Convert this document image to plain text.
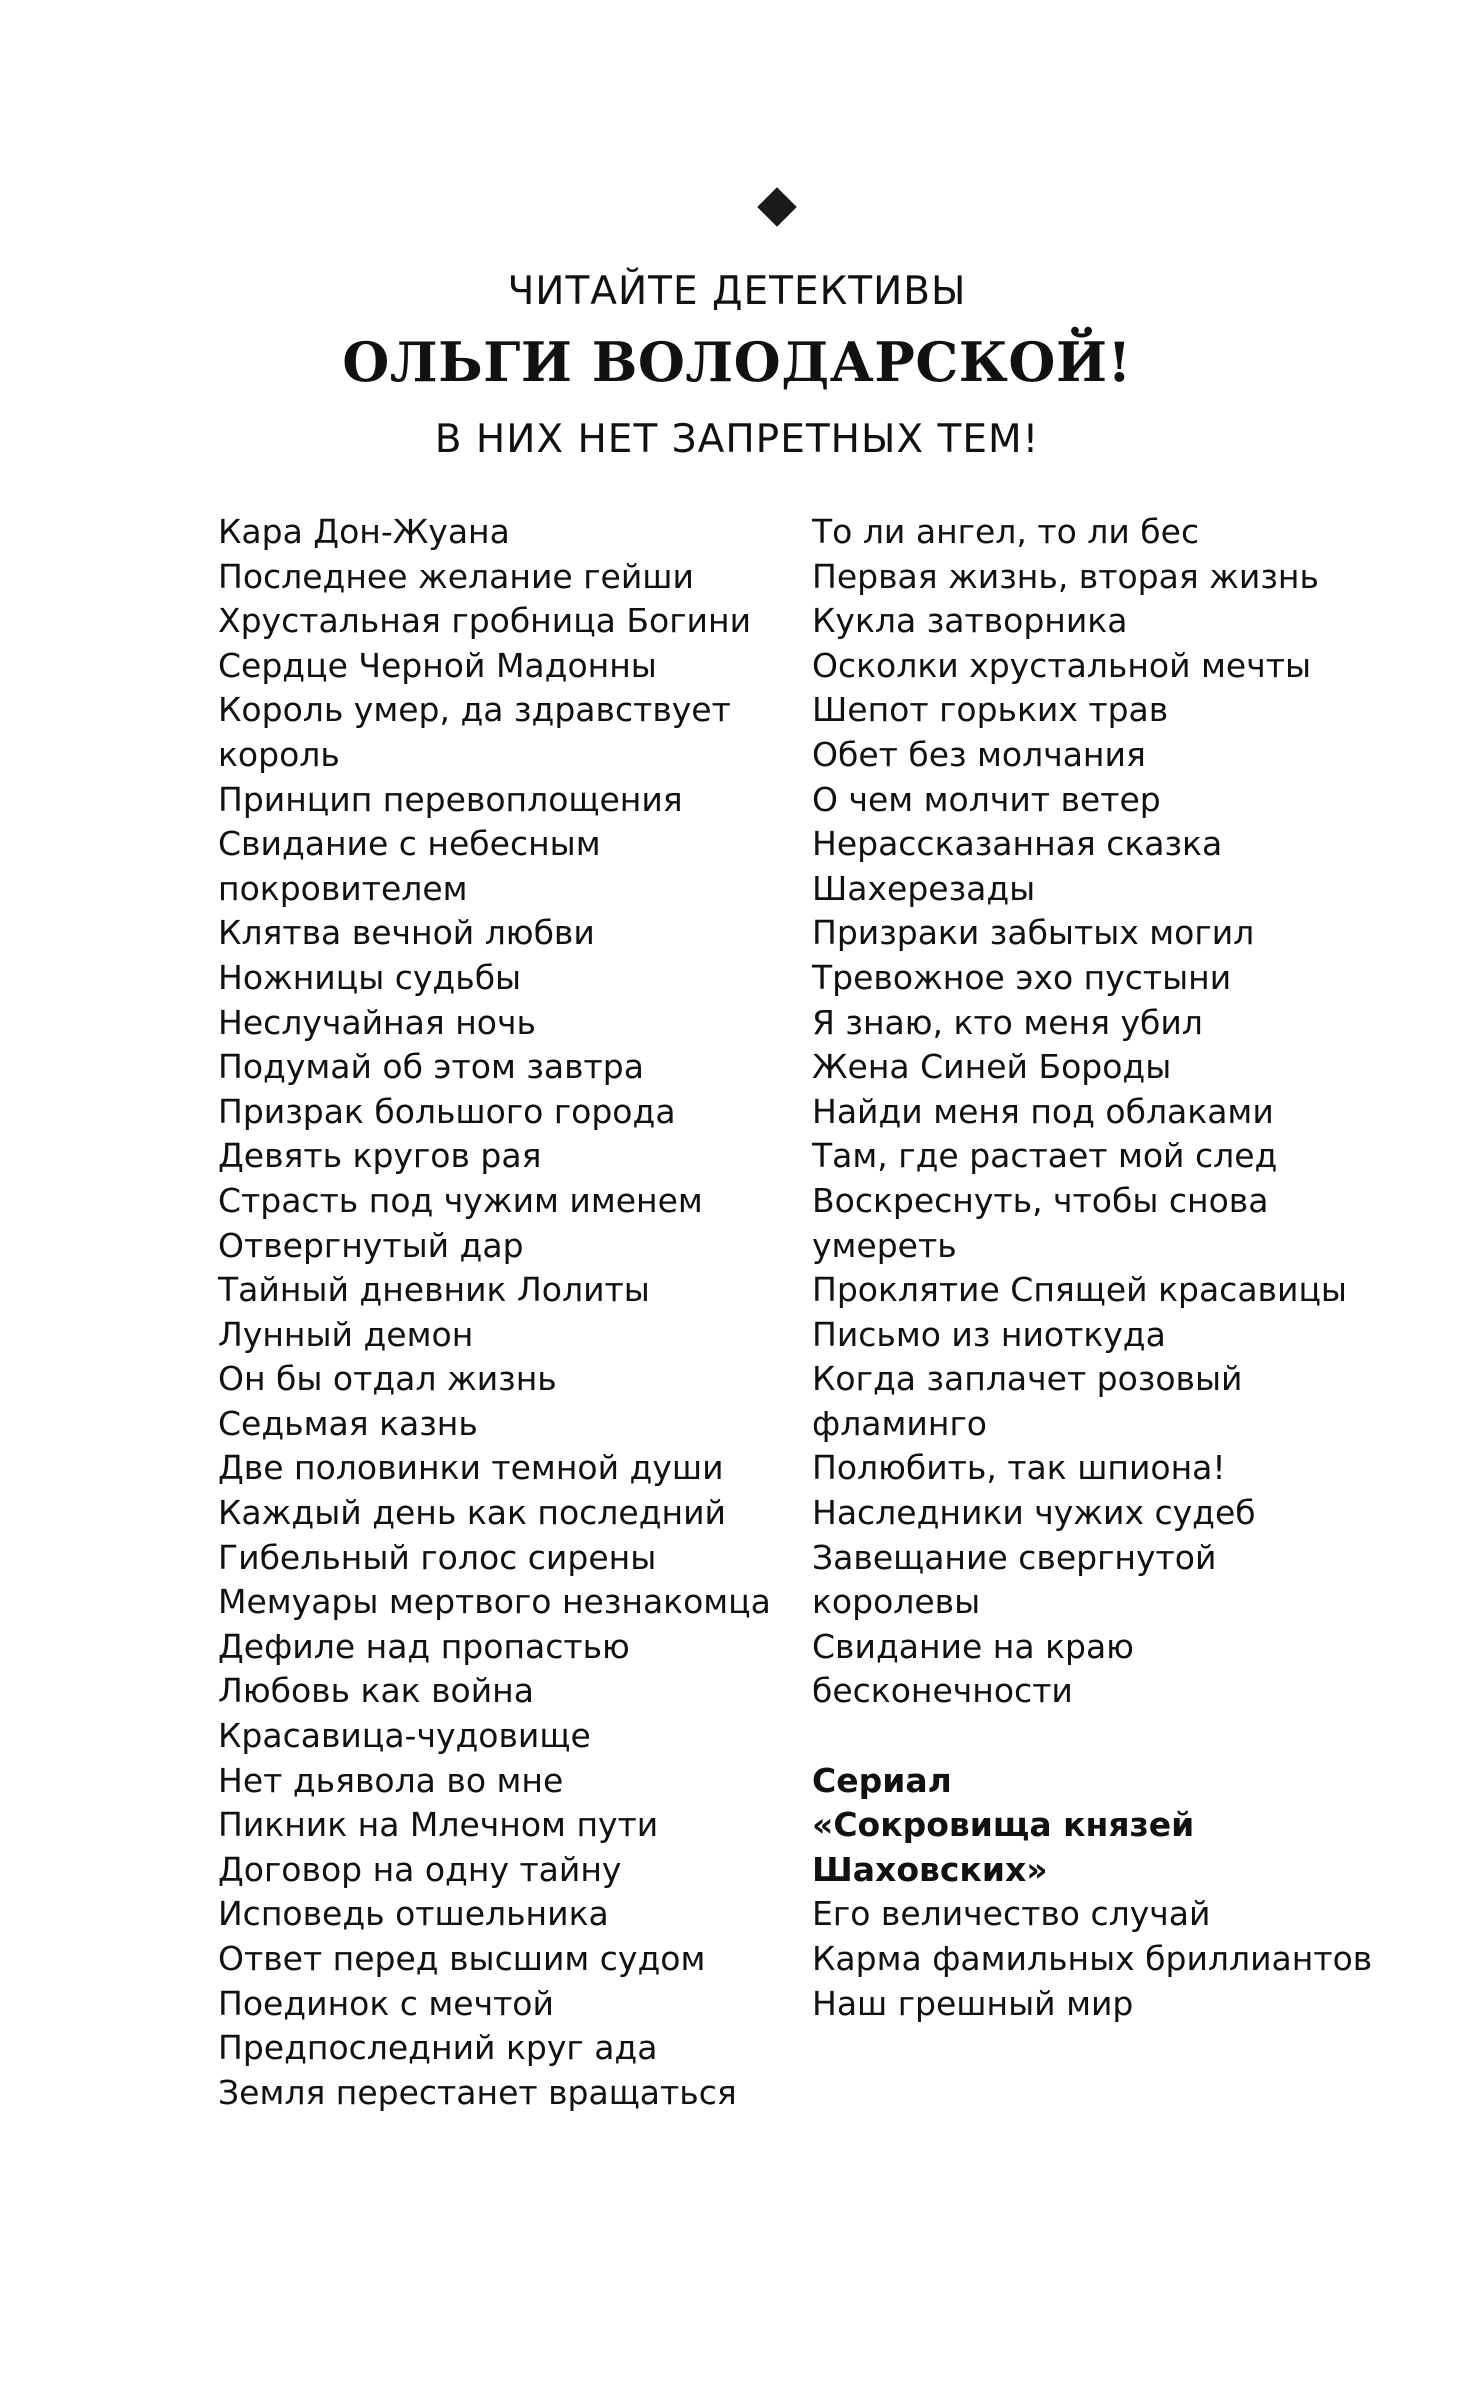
ЧИТАЙТЕ ДЕТЕКТИВЫ
ОЛЬГИ ВОЛОДАРСКОЙ!
В НИХ НЕТ ЗАПРЕТНЫХ ТЕМ!
Кара Дон-Жуана
Последнее желание гейши
Хрустальная гробница Богини
Сердце Черной Мадонны
Король умер, да здравствует
король
Принцип перевоплощения
Свидание с небесным
покровителем
Клятва вечной любви
Ножницы судьбы
Неслучайная ночь
Подумай об этом завтра
Призрак большого города
Девять кругов рая
Страсть под чужим именем
Отвергнутый дар
Тайный дневник Лолиты
Лунный демон
Он бы отдал жизнь
Седьмая казнь
Две половинки темной души
Каждый день как последний
Гибельный голос сирены
Мемуары мертвого незнакомца
Дефиле над пропастью
Любовь как война
Красавица-чудовище
Нет дьявола во мне
Пикник на Млечном пути
Договор на одну тайну
Исповедь отшельника
Ответ перед высшим судом
Поединок с мечтой
Предпоследний круг ада
Земля перестанет вращаться
То ли ангел, то ли бес
Первая жизнь, вторая жизнь
Кукла затворника
Осколки хрустальной мечты
Шепот горьких трав
Обет без молчания
О чем молчит ветер
Нерассказанная сказка
Шахерезады
Призраки забытых могил
Тревожное эхо пустыни
Я знаю, кто меня убил
Жена Синей Бороды
Найди меня под облаками
Там, где растает мой след
Воскреснуть, чтобы снова
умереть
Проклятие Спящей красавицы
Письмо из ниоткуда
Когда заплачет розовый
фламинго
Полюбить, так шпиона!
Наследники чужих судеб
Завещание свергнутой
королевы
Свидание на краю
бесконечности
Сериал
«Сокровища князей
Шаховских»
Его величество случай
Карма фамильных бриллиантов
Наш грешный мир
